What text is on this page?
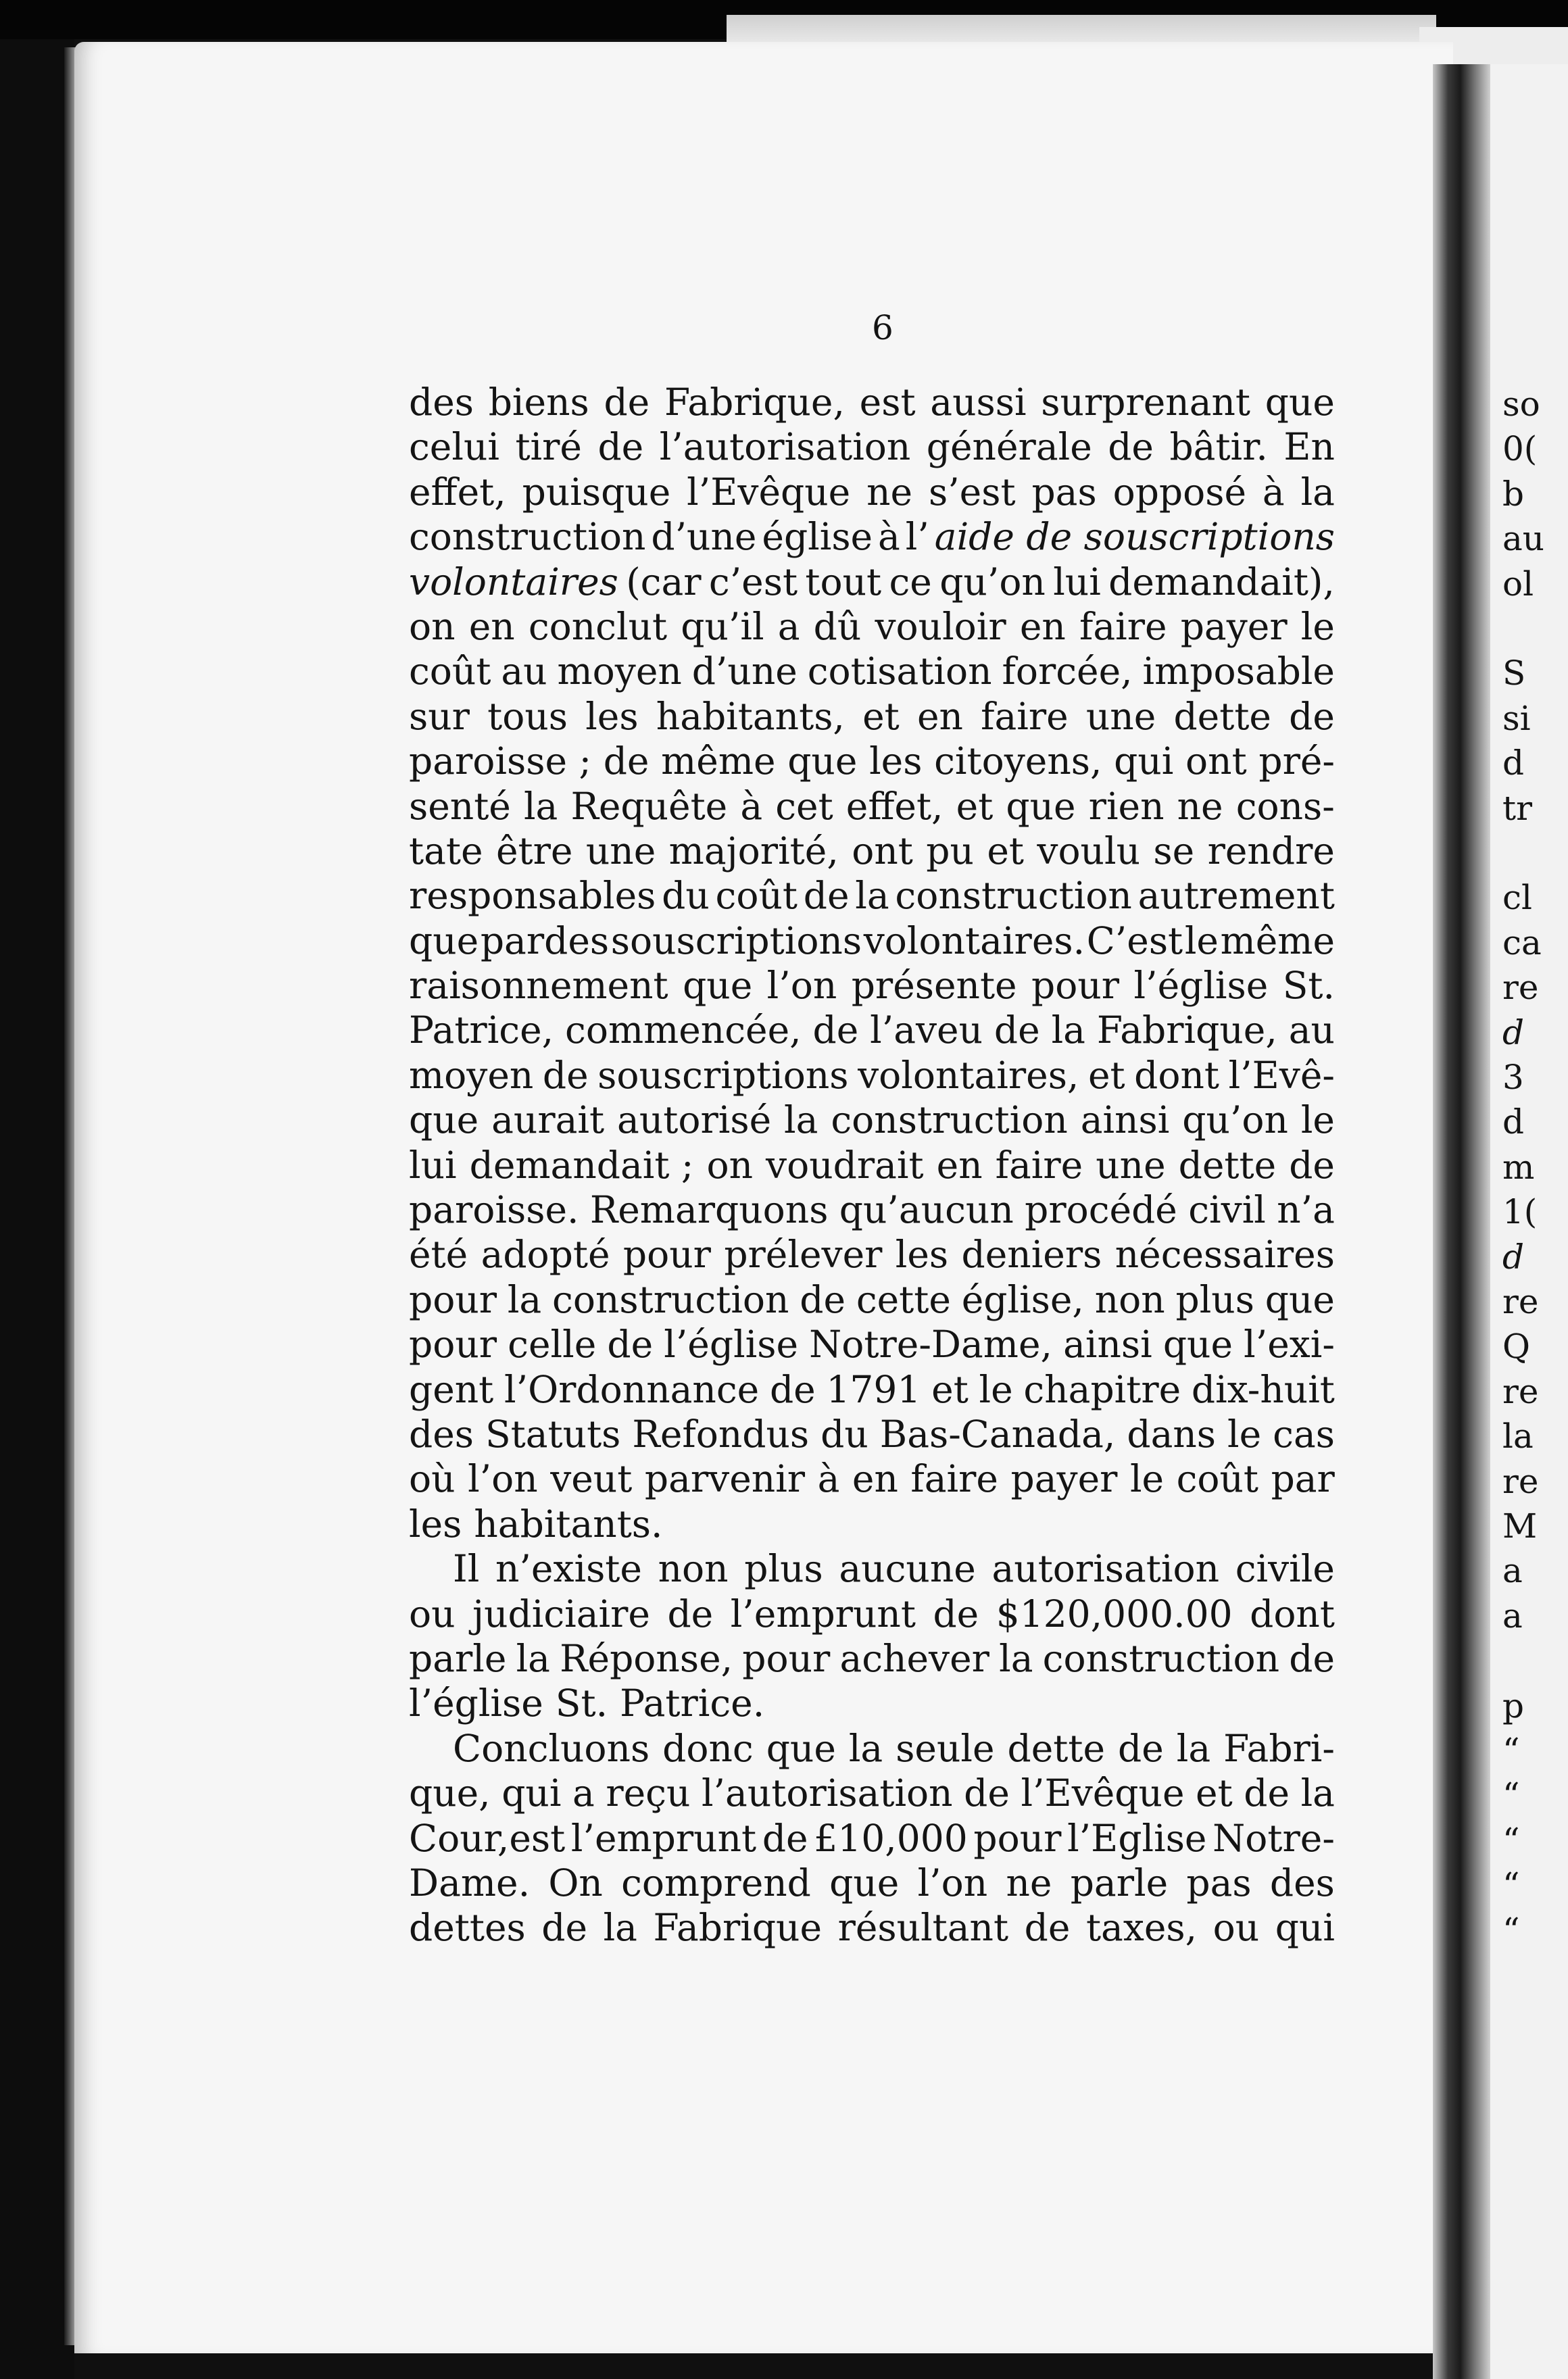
so
0(
b
au
ol
S
si
d
tr
cl
ca
re
d
3
d
m
1(
d
re
Q
re
la
re
M
a
a
p
“
“
“
“
“
6
des biens de Fabrique, est aussi surprenant que
celui tiré de l’autorisation générale de bâtir. En
effet, puisque l’Evêque ne s’est pas opposé à la
construction d’une église à l’ aide de souscriptions
volontaires (car c’est tout ce qu’on lui demandait),
on en conclut qu’il a dû vouloir en faire payer le
coût au moyen d’une cotisation forcée, imposable
sur tous les habitants, et en faire une dette de
paroisse ; de même que les citoyens, qui ont pré-
senté la Requête à cet effet, et que rien ne cons-
tate être une majorité, ont pu et voulu se rendre
responsables du coût de la construction autrement
que pardes souscriptions volontaires. C’est le même
raisonnement que l’on présente pour l’église St.
Patrice, commencée, de l’aveu de la Fabrique, au
moyen de souscriptions volontaires, et dont l’Evê-
que aurait autorisé la construction ainsi qu’on le
lui demandait ; on voudrait en faire une dette de
paroisse. Remarquons qu’aucun procédé civil n’a
été adopté pour prélever les deniers nécessaires
pour la construction de cette église, non plus que
pour celle de l’église Notre-Dame, ainsi que l’exi-
gent l’Ordonnance de 1791 et le chapitre dix-huit
des Statuts Refondus du Bas-Canada, dans le cas
où l’on veut parvenir à en faire payer le coût par
les habitants.
Il n’existe non plus aucune autorisation civile
ou judiciaire de l’emprunt de $120,000.00 dont
parle la Réponse, pour achever la construction de
l’église St. Patrice.
Concluons donc que la seule dette de la Fabri-
que, qui a reçu l’autorisation de l’Evêque et de la
Cour,est l’emprunt de £10,000 pour l’Eglise Notre-
Dame. On comprend que l’on ne parle pas des
dettes de la Fabrique résultant de taxes, ou qui
